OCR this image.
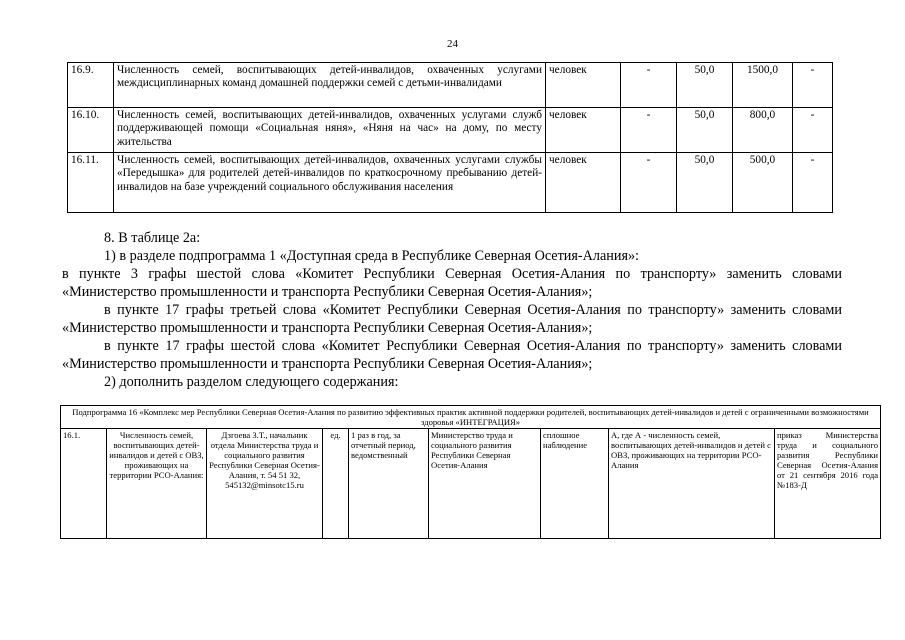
24
16.9.	Численность семей, воспитывающих детей-инвалидов, охваченных услугами междисциплинарных команд домашней поддержки семей с детьми-инвалидами	человек	-	50,0	1500,0	-
16.10.	Численность семей, воспитывающих детей-инвалидов, охваченных услугами служб поддерживающей помощи «Социальная няня», «Няня на час» на дому, по месту жительства	человек	-	50,0	800,0	-
16.11.	Численность семей, воспитывающих детей-инвалидов, охваченных услугами службы «Передышка» для родителей детей-инвалидов по краткосрочному пребыванию детей-инвалидов на базе учреждений социального обслуживания населения	человек	-	50,0	500,0	-

8. В таблице 2а:

1) в разделе подпрограмма 1 «Доступная среда в Республике Северная Осетия-Алания»:

в пункте 3 графы шестой слова «Комитет Республики Северная Осетия-Алания по транспорту» заменить словами «Министерство промышленности и транспорта Республики Северная Осетия-Алания»;

в пункте 17 графы третьей слова «Комитет Республики Северная Осетия-Алания по транспорту» заменить словами «Министерство промышленности и транспорта Республики Северная Осетия-Алания»;

в пункте 17 графы шестой слова «Комитет Республики Северная Осетия-Алания по транспорту» заменить словами «Министерство промышленности и транспорта Республики Северная Осетия-Алания»;

2) дополнить разделом следующего содержания:

Подпрограмма 16 «Комплекс мер Республики Северная Осетия-Алания по развитию эффективных практик активной поддержки родителей, воспитывающих детей-инвалидов и детей с ограниченными возможностями здоровья «ИНТЕГРАЦИЯ»
16.1.	Численность семей, воспитывающих детей-инвалидов и детей с ОВЗ, проживающих на территории РСО-Алания:	Дзгоева З.Т., начальник отдела Министерства труда и социального развития Республики Северная Осетия-Алания, т. 54 51 32, 545132@minsotc15.ru	ед.	1 раз в год, за отчетный период, ведомственный	Министерство труда и социального развития Республики Северная Осетия-Алания	сплошное наблюдение	А, где А - численность семей, воспитывающих детей-инвалидов и детей с ОВЗ, проживающих на территории РСО-Алания	приказ Министерства труда и социального развития Республики Северная Осетия-Алания от 21 сентября 2016 года №183-Д
